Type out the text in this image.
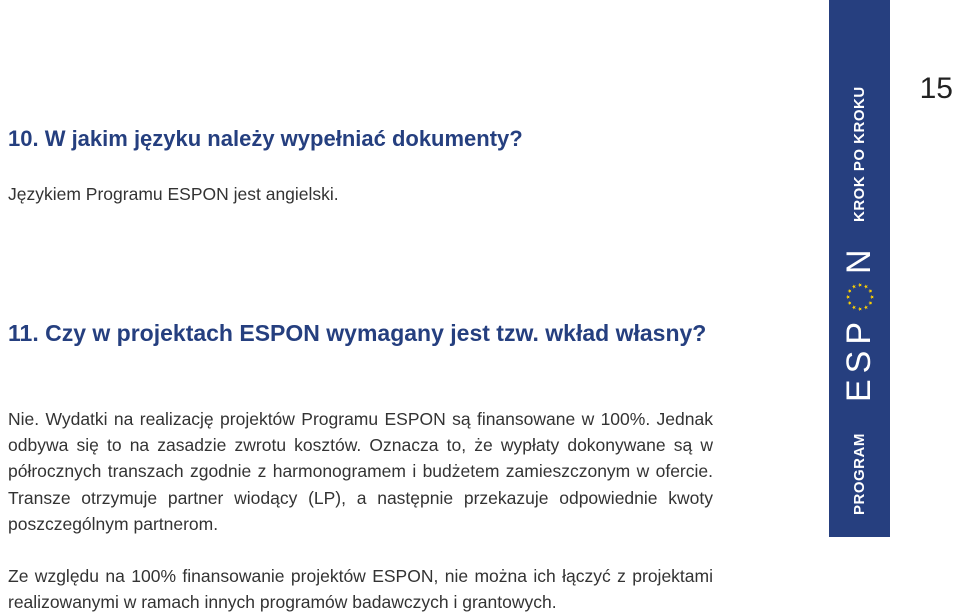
15
10. W jakim języku należy wypełniać dokumenty?

Językiem Programu ESPON jest angielski.

11. Czy w projektach ESPON wymagany jest tzw. wkład własny?

Nie. Wydatki na realizację projektów Programu ESPON są finansowane w 100%. Jednak odbywa się to na zasadzie zwrotu kosztów. Oznacza to, że wypłaty dokonywane są w półrocznych transzach zgodnie z harmonogramem i budżetem zamieszczonym w ofercie. Transze otrzymuje partner wiodący (LP), a następnie przekazuje odpowiednie kwoty poszczególnym partnerom.

Ze względu na 100% finansowanie projektów ESPON, nie można ich łączyć z projektami realizowanymi w ramach innych programów badawczych i grantowych.

PROGRAM
ESP
N
KROK PO KROKU
